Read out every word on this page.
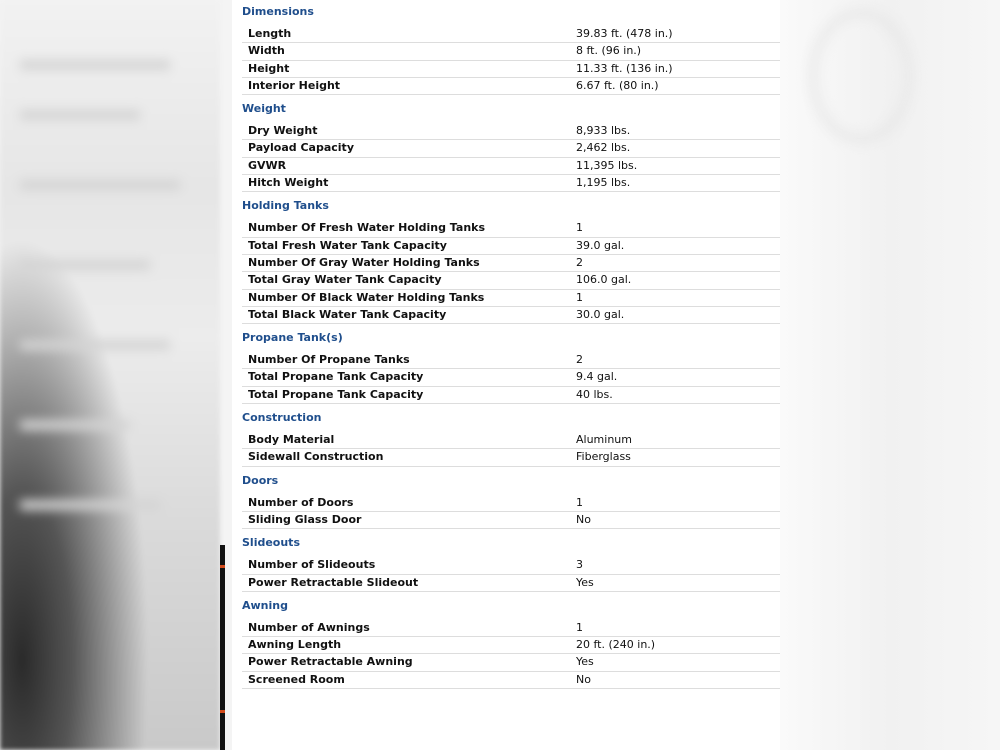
Dimensions
Length	39.83 ft. (478 in.)
Width	8 ft. (96 in.)
Height	11.33 ft. (136 in.)
Interior Height	6.67 ft. (80 in.)
Weight
Dry Weight	8,933 lbs.
Payload Capacity	2,462 lbs.
GVWR	11,395 lbs.
Hitch Weight	1,195 lbs.
Holding Tanks
Number Of Fresh Water Holding Tanks	1
Total Fresh Water Tank Capacity	39.0 gal.
Number Of Gray Water Holding Tanks	2
Total Gray Water Tank Capacity	106.0 gal.
Number Of Black Water Holding Tanks	1
Total Black Water Tank Capacity	30.0 gal.
Propane Tank(s)
Number Of Propane Tanks	2
Total Propane Tank Capacity	9.4 gal.
Total Propane Tank Capacity	40 lbs.
Construction
Body Material	Aluminum
Sidewall Construction	Fiberglass
Doors
Number of Doors	1
Sliding Glass Door	No
Slideouts
Number of Slideouts	3
Power Retractable Slideout	Yes
Awning
Number of Awnings	1
Awning Length	20 ft. (240 in.)
Power Retractable Awning	Yes
Screened Room	No
